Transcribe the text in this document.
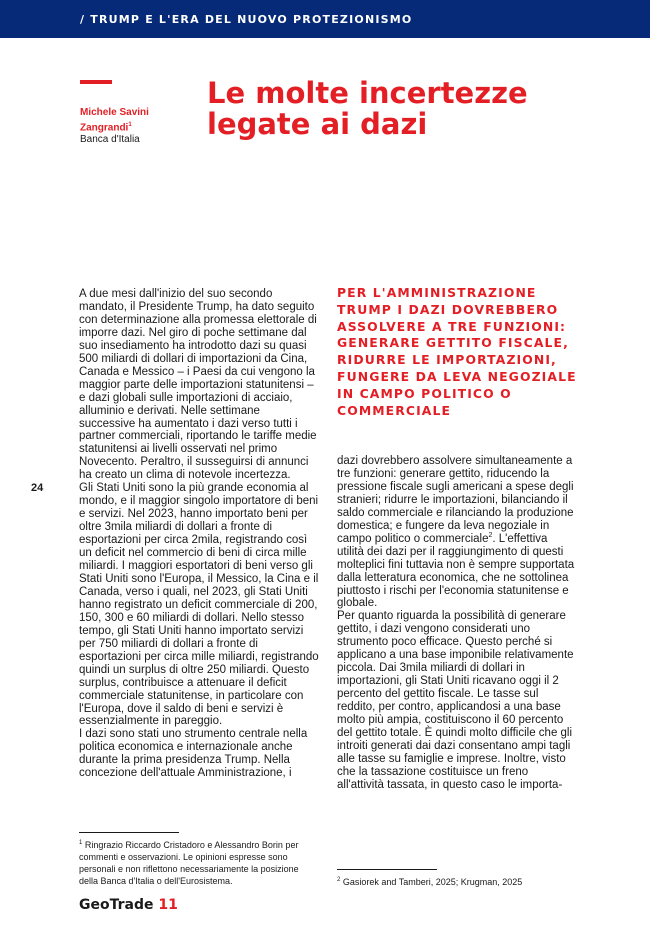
/ TRUMP E L'ERA DEL NUOVO PROTEZIONISMO
Michele Savini Zangrandi$^1$
Banca d'Italia
Le molte incertezze legate ai dazi

A due mesi dall'inizio del suo secondo mandato, il Presidente Trump, ha dato seguito con determinazione alla promessa elettorale di imporre dazi. Nel giro di poche settimane dal suo insediamento ha introdotto dazi su quasi 500 miliardi di dollari di importazioni da Cina, Canada e Messico – i Paesi da cui vengono la maggior parte delle importazioni statunitensi – e dazi globali sulle importazioni di acciaio, alluminio e derivati. Nelle settimane successive ha aumentato i dazi verso tutti i partner commerciali, riportando le tariffe medie statunitensi ai livelli osservati nel primo Novecento. Peraltro, il susseguirsi di annunci ha creato un clima di notevole incertezza.

Gli Stati Uniti sono la più grande economia al mondo, e il maggior singolo importatore di beni e servizi. Nel 2023, hanno importato beni per oltre 3mila miliardi di dollari a fronte di esportazioni per circa 2mila, registrando così un deficit nel commercio di beni di circa mille miliardi. I maggiori esportatori di beni verso gli Stati Uniti sono l'Europa, il Messico, la Cina e il Canada, verso i quali, nel 2023, gli Stati Uniti hanno registrato un deficit commerciale di 200, 150, 300 e 60 miliardi di dollari. Nello stesso tempo, gli Stati Uniti hanno importato servizi per 750 miliardi di dollari a fronte di esportazioni per circa mille miliardi, registrando quindi un surplus di oltre 250 miliardi. Questo surplus, contribuisce a attenuare il deficit commerciale statunitense, in particolare con l'Europa, dove il saldo di beni e servizi è essenzialmente in pareggio.

I dazi sono stati uno strumento centrale nella politica economica e internazionale anche durante la prima presidenza Trump. Nella concezione dell'attuale Amministrazione, i

PER L'AMMINISTRAZIONE TRUMP I DAZI DOVREBBERO ASSOLVERE A TRE FUNZIONI: GENERARE GETTITO FISCALE, RIDURRE LE IMPORTAZIONI, FUNGERE DA LEVA NEGOZIALE IN CAMPO POLITICO O COMMERCIALE

dazi dovrebbero assolvere simultaneamente a tre funzioni: generare gettito, riducendo la pressione fiscale sugli americani a spese degli stranieri; ridurre le importazioni, bilanciando il saldo commerciale e rilanciando la produzione domestica; e fungere da leva negoziale in campo politico o commerciale$^2$. L'effettiva utilità dei dazi per il raggiungimento di questi molteplici fini tuttavia non è sempre supportata dalla letteratura economica, che ne sottolinea piuttosto i rischi per l'economia statunitense e globale.

Per quanto riguarda la possibilità di generare gettito, i dazi vengono considerati uno strumento poco efficace. Questo perché si applicano a una base imponibile relativamente piccola. Dai 3mila miliardi di dollari in importazioni, gli Stati Uniti ricavano oggi il 2 percento del gettito fiscale. Le tasse sul reddito, per contro, applicandosi a una base molto più ampia, costituiscono il 60 percento del gettito totale. È quindi molto difficile che gli introiti generati dai dazi consentano ampi tagli alle tasse su famiglie e imprese. Inoltre, visto che la tassazione costituisce un freno all'attività tassata, in questo caso le importa-

24
$^1$ Ringrazio Riccardo Cristadoro e Alessandro Borin per commenti e osservazioni. Le opinioni espresse sono personali e non riflettono necessariamente la posizione della Banca d'Italia o dell'Eurosistema.	$^2$ Gasiorek and Tamberi, 2025; Krugman, 2025
GeoTrade 11
